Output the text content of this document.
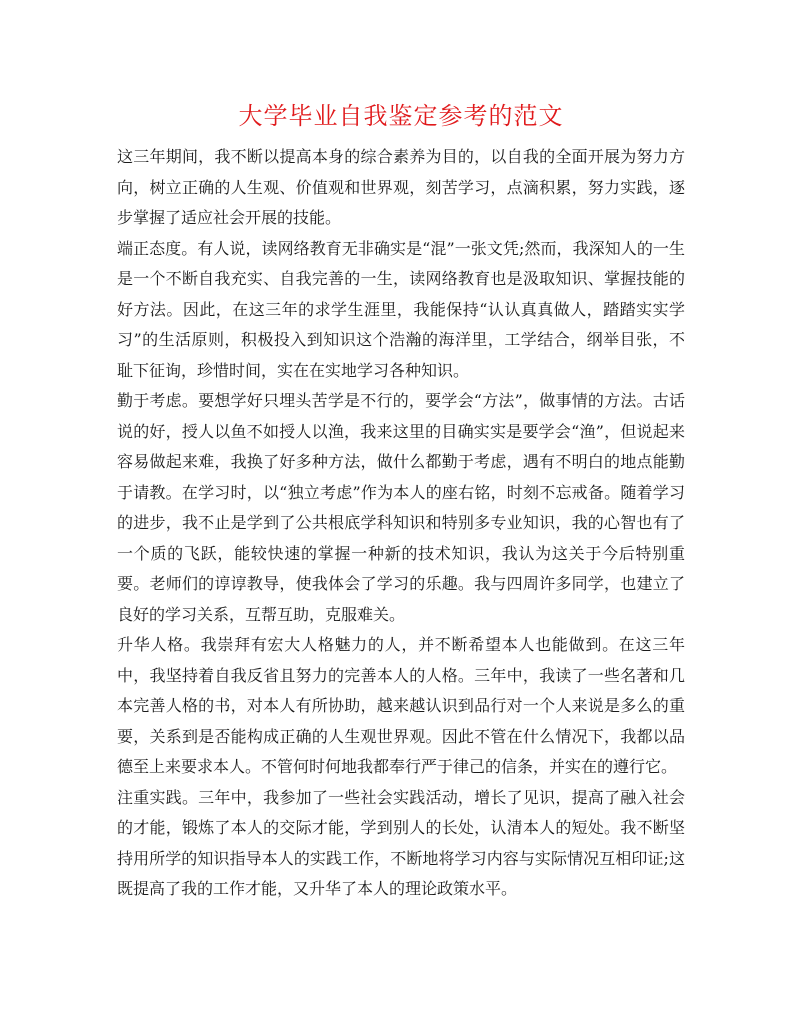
大学毕业自我鉴定参考的范文

这三年期间，我不断以提高本身的综合素养为目的，以自我的全面开展为努力方向，树立正确的人生观、价值观和世界观，刻苦学习，点滴积累，努力实践，逐步掌握了适应社会开展的技能。

端正态度。有人说，读网络教育无非确实是“混”一张文凭;然而，我深知人的一生是一个不断自我充实、自我完善的一生，读网络教育也是汲取知识、掌握技能的好方法。因此，在这三年的求学生涯里，我能保持“认认真真做人，踏踏实实学习”的生活原则，积极投入到知识这个浩瀚的海洋里，工学结合，纲举目张，不耻下征询，珍惜时间，实在在实地学习各种知识。

勤于考虑。要想学好只埋头苦学是不行的，要学会“方法”，做事情的方法。古话说的好，授人以鱼不如授人以渔，我来这里的目确实实是要学会“渔”，但说起来容易做起来难，我换了好多种方法，做什么都勤于考虑，遇有不明白的地点能勤于请教。在学习时，以“独立考虑”作为本人的座右铭，时刻不忘戒备。随着学习的进步，我不止是学到了公共根底学科知识和特别多专业知识，我的心智也有了一个质的飞跃，能较快速的掌握一种新的技术知识，我认为这关于今后特别重要。老师们的谆谆教导，使我体会了学习的乐趣。我与四周许多同学，也建立了良好的学习关系，互帮互助，克服难关。

升华人格。我崇拜有宏大人格魅力的人，并不断希望本人也能做到。在这三年中，我坚持着自我反省且努力的完善本人的人格。三年中，我读了一些名著和几本完善人格的书，对本人有所协助，越来越认识到品行对一个人来说是多么的重要，关系到是否能构成正确的人生观世界观。因此不管在什么情况下，我都以品德至上来要求本人。不管何时何地我都奉行严于律己的信条，并实在的遵行它。

注重实践。三年中，我参加了一些社会实践活动，增长了见识，提高了融入社会的才能，锻炼了本人的交际才能，学到别人的长处，认清本人的短处。我不断坚持用所学的知识指导本人的实践工作，不断地将学习内容与实际情况互相印证;这既提高了我的工作才能，又升华了本人的理论政策水平。
